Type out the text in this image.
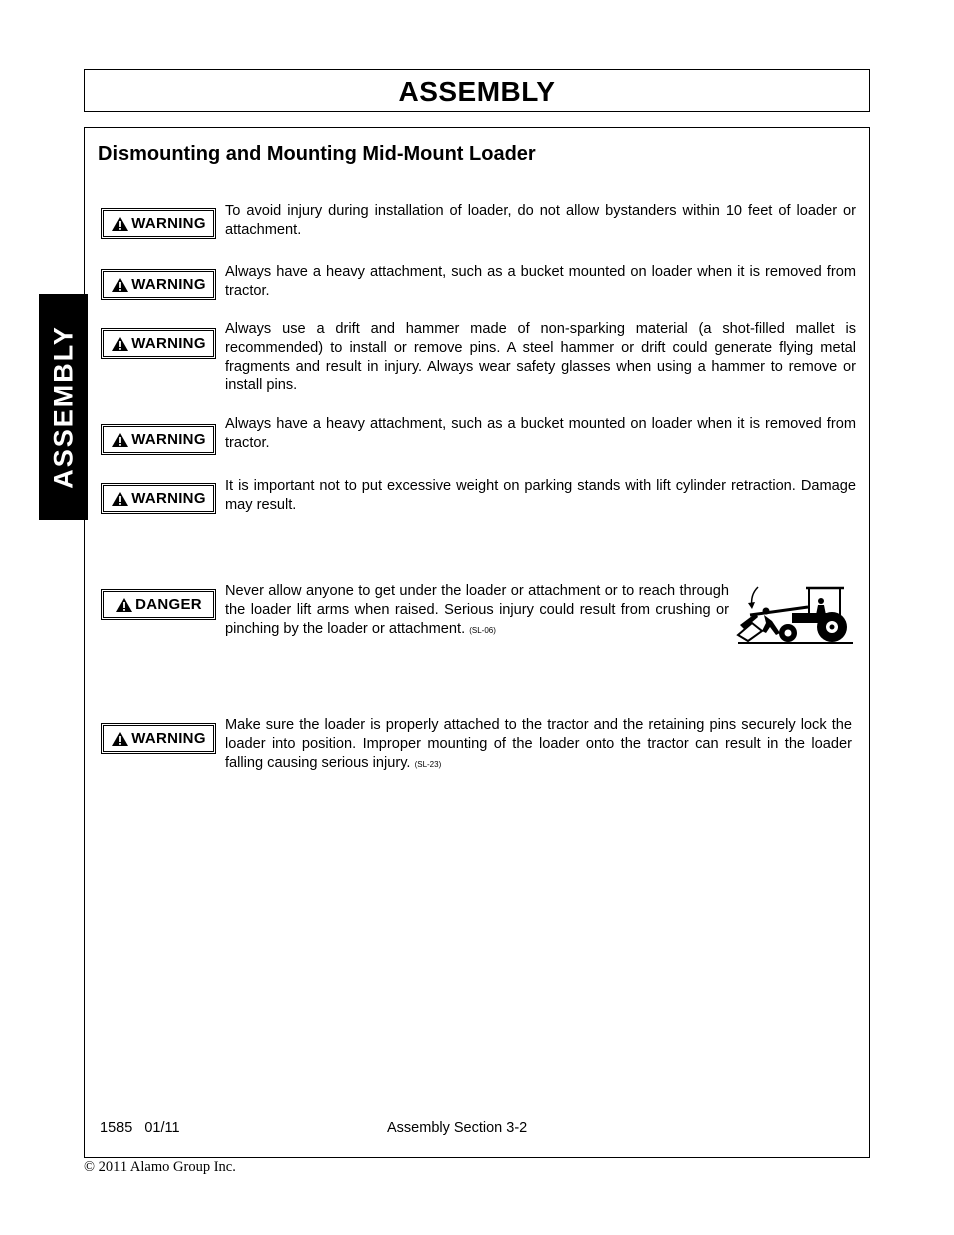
ASSEMBLY
ASSEMBLY
Dismounting and Mounting Mid-Mount Loader
WARNING
To avoid injury during installation of loader, do not allow bystanders within 10 feet of loader or attachment.
WARNING
Always have a heavy attachment, such as a bucket mounted on loader when it is removed from tractor.
WARNING
Always use a drift and hammer made of non-sparking material (a shot-filled mallet is recommended) to install or remove pins. A steel hammer or drift could generate flying metal fragments and result in injury. Always wear safety glasses when using a hammer to remove or install pins.
WARNING
Always have a heavy attachment, such as a bucket mounted on loader when it is removed from tractor.
WARNING
It is important not to put excessive weight on parking stands with lift cylinder retraction. Damage may result.
DANGER
Never allow anyone to get under the loader or attachment or to reach through the loader lift arms when raised. Serious injury could result from crushing or pinching by the loader or attachment. (SL-06)
WARNING
Make sure the loader is properly attached to the tractor and the retaining pins securely lock the loader into position. Improper mounting of the loader onto the tractor can result in the loader falling causing serious injury. (SL-23)
1585   01/11	Assembly Section 3-2
© 2011 Alamo Group Inc.
